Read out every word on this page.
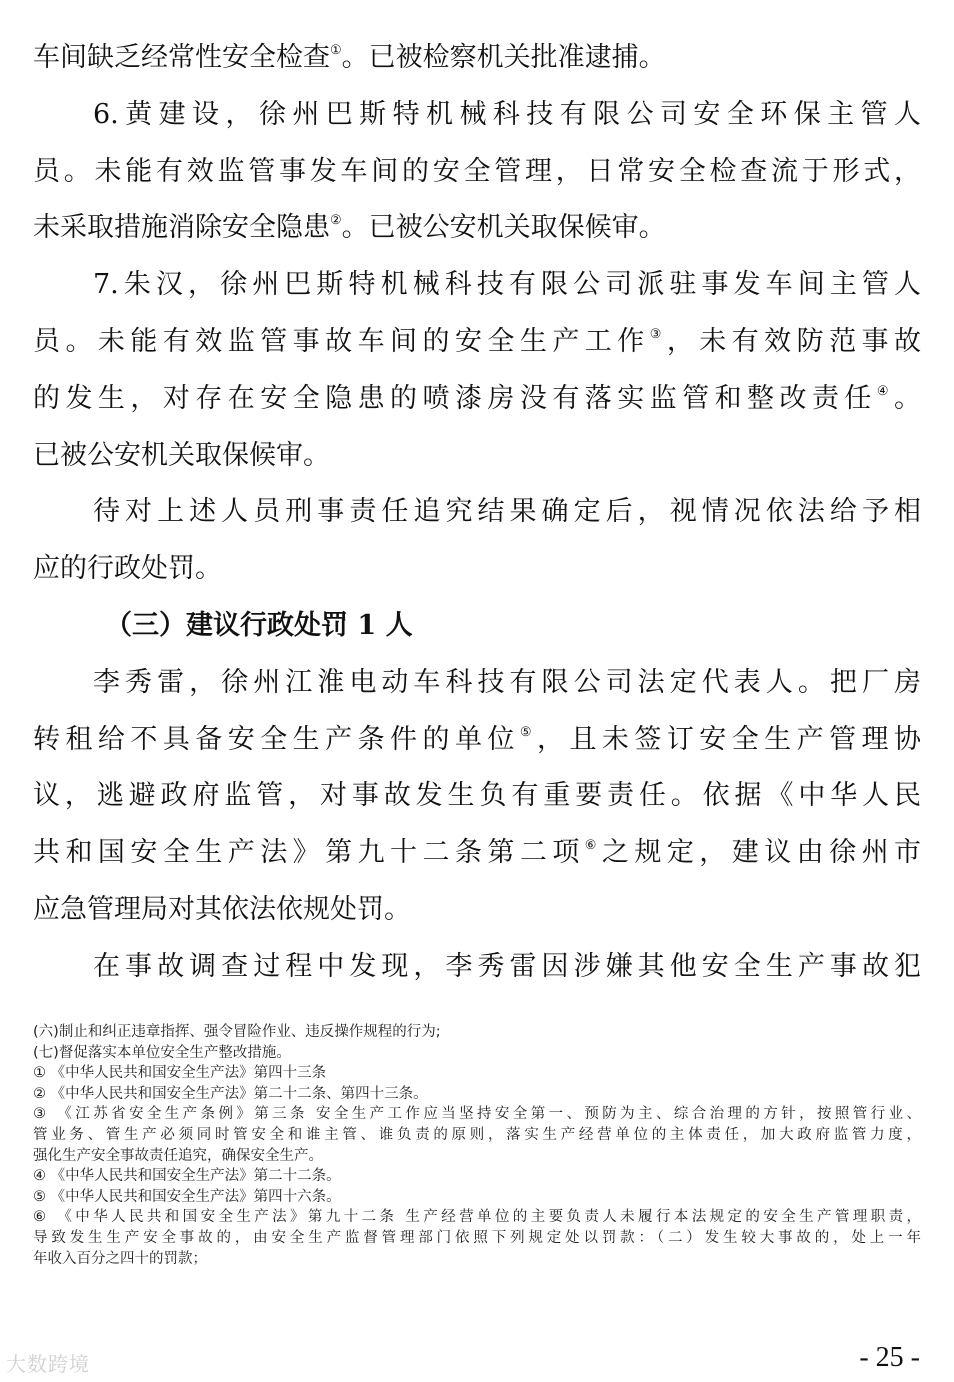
车间缺乏经常性安全检查①。已被检察机关批准逮捕。
6.黄建设，徐州巴斯特机械科技有限公司安全环保主管人
员。未能有效监管事发车间的安全管理，日常安全检查流于形式，
未采取措施消除安全隐患②。已被公安机关取保候审。
7.朱汉，徐州巴斯特机械科技有限公司派驻事发车间主管人
员。未能有效监管事故车间的安全生产工作③，未有效防范事故
的发生，对存在安全隐患的喷漆房没有落实监管和整改责任④。
已被公安机关取保候审。
待对上述人员刑事责任追究结果确定后，视情况依法给予相
应的行政处罚。
（三）建议行政处罚 1 人
李秀雷，徐州江淮电动车科技有限公司法定代表人。把厂房
转租给不具备安全生产条件的单位⑤，且未签订安全生产管理协
议，逃避政府监管，对事故发生负有重要责任。依据《中华人民
共和国安全生产法》第九十二条第二项⑥之规定，建议由徐州市
应急管理局对其依法依规处罚。
在事故调查过程中发现，李秀雷因涉嫌其他安全生产事故犯
(六)制止和纠正违章指挥、强令冒险作业、违反操作规程的行为;
(七)督促落实本单位安全生产整改措施。
① 《中华人民共和国安全生产法》第四十三条
② 《中华人民共和国安全生产法》第二十二条、第四十三条。
③ 《江苏省安全生产条例》第三条 安全生产工作应当坚持安全第一、预防为主、综合治理的方针，按照管行业、
管业务、管生产必须同时管安全和谁主管、谁负责的原则，落实生产经营单位的主体责任，加大政府监管力度，
强化生产安全事故责任追究，确保安全生产。
④ 《中华人民共和国安全生产法》第二十二条。
⑤ 《中华人民共和国安全生产法》第四十六条。
⑥ 《中华人民共和国安全生产法》第九十二条 生产经营单位的主要负责人未履行本法规定的安全生产管理职责，
导致发生生产安全事故的，由安全生产监督管理部门依照下列规定处以罚款：（二）发生较大事故的，处上一年
年收入百分之四十的罚款；
- 25 -
大数跨境
